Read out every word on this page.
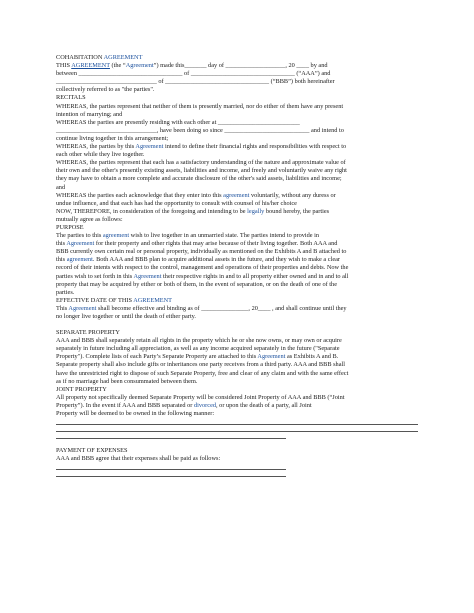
COHABITATION AGREEMENT
THIS AGREEMENT (the “Agreement”) made this_______ day of ___________________, 20 ____ by and
between _________________________________ of _________________________________ (“AAA”) and
________________________________ of _________________________________ (“BBB”) both hereinafter
collectively referred to as "the parties".
RECITALS
WHEREAS, the parties represent that neither of them is presently married, nor do either of them have any present
intention of marrying; and
WHEREAS the parties are presently residing with each other at __________________________
________________________________, have been doing so since ___________________________ and intend to
continue living together in this arrangement;
WHEREAS, the parties by this Agreement intend to define their financial rights and responsibilities with respect to
each other while they live together.
WHEREAS, the parties represent that each has a satisfactory understanding of the nature and approximate value of
their own and the other's presently existing assets, liabilities and income, and freely and voluntarily waive any right
they may have to obtain a more complete and accurate disclosure of the other's said assets, liabilities and income;
and
WHEREAS the parties each acknowledge that they enter into this agreement voluntarily, without any duress or
undue influence, and that each has had the opportunity to consult with counsel of his/her choice
NOW, THEREFORE, in consideration of the foregoing and intending to be legally bound hereby, the parties
mutually agree as follows:
PURPOSE
The parties to this agreement wish to live together in an unmarried state. The parties intend to provide in
this Agreement for their property and other rights that may arise because of their living together. Both AAA and
BBB currently own certain real or personal property, individually as mentioned on the Exhibits A and B attached to
this agreement. Both AAA and BBB plan to acquire additional assets in the future, and they wish to make a clear
record of their intents with respect to the control, management and operations of their properties and debts. Now the
parties wish to set forth in this Agreement their respective rights in and to all property either owned and in and to all
property that may be acquired by either or both of them, in the event of separation, or on the death of one of the
parties.
EFFECTIVE DATE OF THIS AGREEMENT
This Agreement shall become effective and binding as of _______________, 20____ , and shall continue until they
no longer live together or until the death of either party.
SEPARATE PROPERTY
AAA and BBB shall separately retain all rights in the property which he or she now owns, or may own or acquire
separately in future including all appreciation, as well as any income acquired separately in the future ("Separate
Property"). Complete lists of each Party’s Separate Property are attached to this Agreement as Exhibits A and B.
Separate property shall also include gifts or inheritances one party receives from a third party. AAA and BBB shall
have the unrestricted right to dispose of such Separate Property, free and clear of any claim and with the same effect
as if no marriage had been consummated between them.
JOINT PROPERTY
All property not specifically deemed Separate Property will be considered Joint Property of AAA and BBB (“Joint
Property”). In the event if AAA and BBB separated or divorced, or upon the death of a party, all Joint
Property will be deemed to be owned in the following manner:
PAYMENT OF EXPENSES
AAA and BBB agree that their expenses shall be paid as follows:
